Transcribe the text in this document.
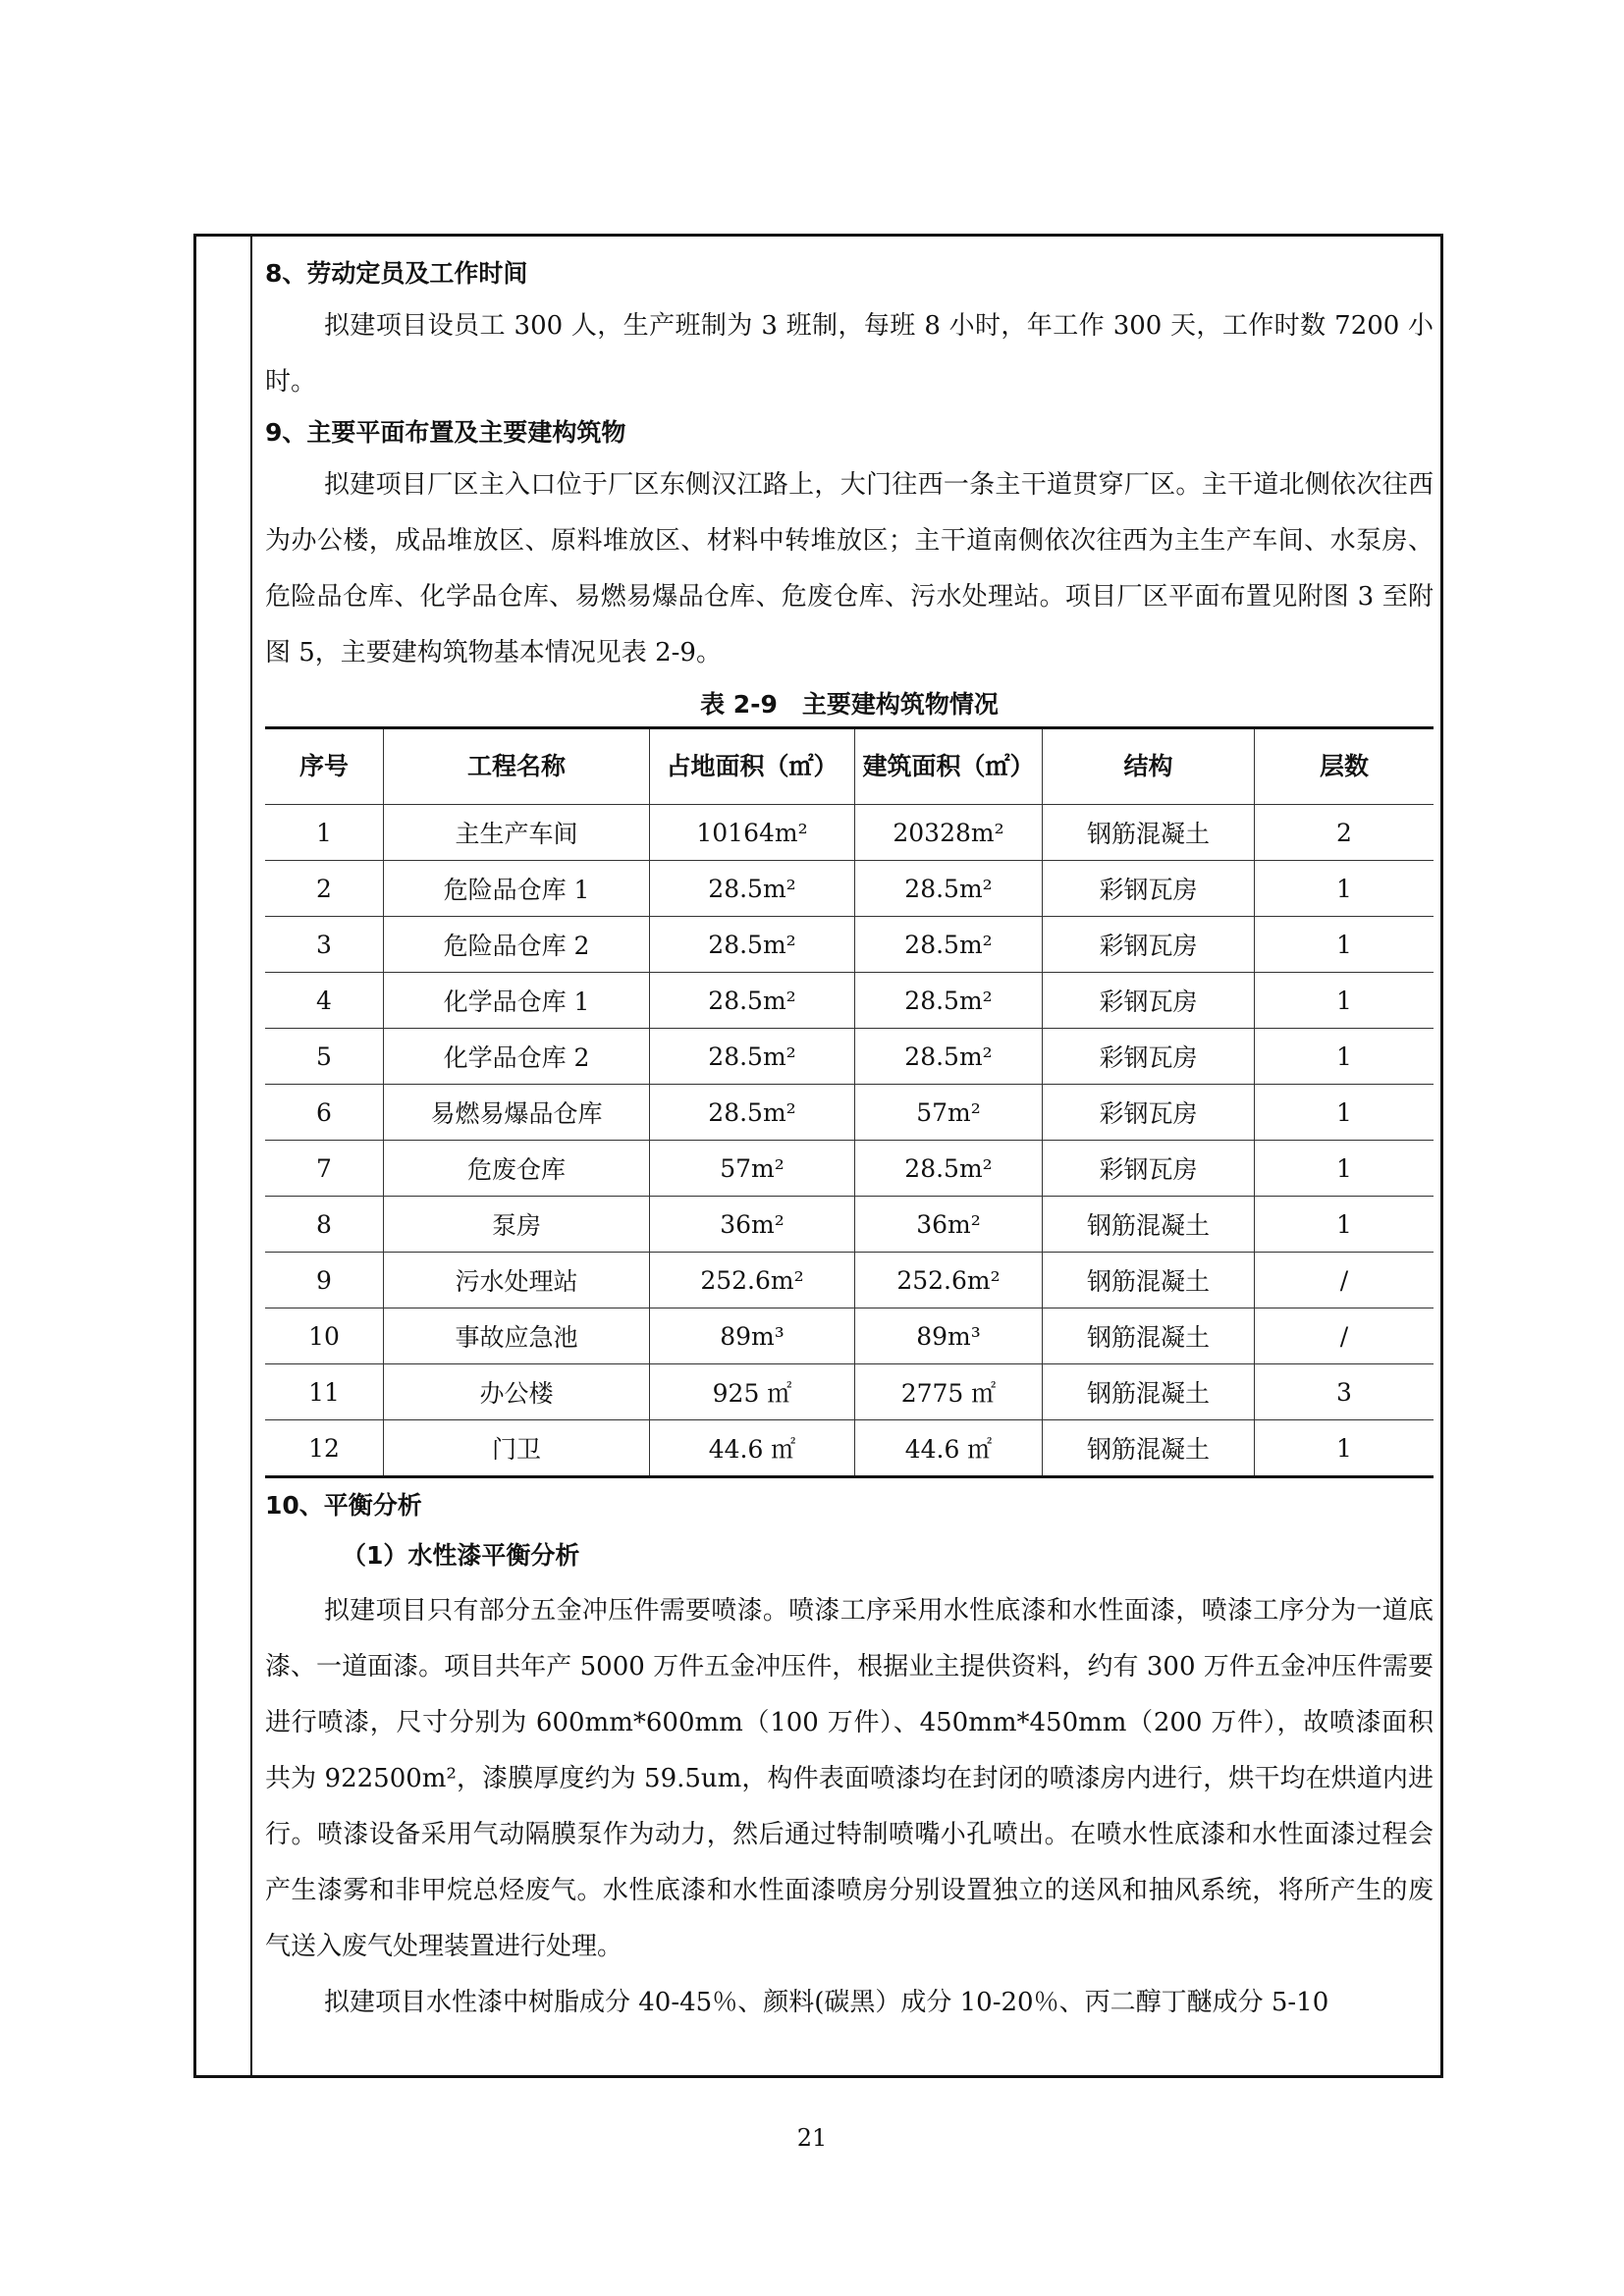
8、劳动定员及工作时间

拟建项目设员工 300 人，生产班制为 3 班制，每班 8 小时，年工作 300 天，工作时数 7200 小时。

9、主要平面布置及主要建构筑物

拟建项目厂区主入口位于厂区东侧汉江路上，大门往西一条主干道贯穿厂区。主干道北侧依次往西为办公楼，成品堆放区、原料堆放区、材料中转堆放区；主干道南侧依次往西为主生产车间、水泵房、危险品仓库、化学品仓库、易燃易爆品仓库、危废仓库、污水处理站。项目厂区平面布置见附图 3 至附图 5，主要建构筑物基本情况见表 2-9。

表 2-9　主要建构筑物情况
序号	工程名称	占地面积（㎡）	建筑面积（㎡）	结构	层数
1	主生产车间	10164m²	20328m²	钢筋混凝土	2
2	危险品仓库 1	28.5m²	28.5m²	彩钢瓦房	1
3	危险品仓库 2	28.5m²	28.5m²	彩钢瓦房	1
4	化学品仓库 1	28.5m²	28.5m²	彩钢瓦房	1
5	化学品仓库 2	28.5m²	28.5m²	彩钢瓦房	1
6	易燃易爆品仓库	28.5m²	57m²	彩钢瓦房	1
7	危废仓库	57m²	28.5m²	彩钢瓦房	1
8	泵房	36m²	36m²	钢筋混凝土	1
9	污水处理站	252.6m²	252.6m²	钢筋混凝土	/
10	事故应急池	89m³	89m³	钢筋混凝土	/
11	办公楼	925 ㎡	2775 ㎡	钢筋混凝土	3
12	门卫	44.6 ㎡	44.6 ㎡	钢筋混凝土	1

10、平衡分析

（1）水性漆平衡分析

拟建项目只有部分五金冲压件需要喷漆。喷漆工序采用水性底漆和水性面漆，喷漆工序分为一道底漆、一道面漆。项目共年产 5000 万件五金冲压件，根据业主提供资料，约有 300 万件五金冲压件需要进行喷漆，尺寸分别为 600mm*600mm（100 万件）、450mm*450mm（200 万件），故喷漆面积共为 922500m²，漆膜厚度约为 59.5um，构件表面喷漆均在封闭的喷漆房内进行，烘干均在烘道内进行。喷漆设备采用气动隔膜泵作为动力，然后通过特制喷嘴小孔喷出。在喷水性底漆和水性面漆过程会产生漆雾和非甲烷总烃废气。水性底漆和水性面漆喷房分别设置独立的送风和抽风系统，将所产生的废气送入废气处理装置进行处理。

拟建项目水性漆中树脂成分 40-45％、颜料(碳黑）成分 10-20％、丙二醇丁醚成分 5-10

21
